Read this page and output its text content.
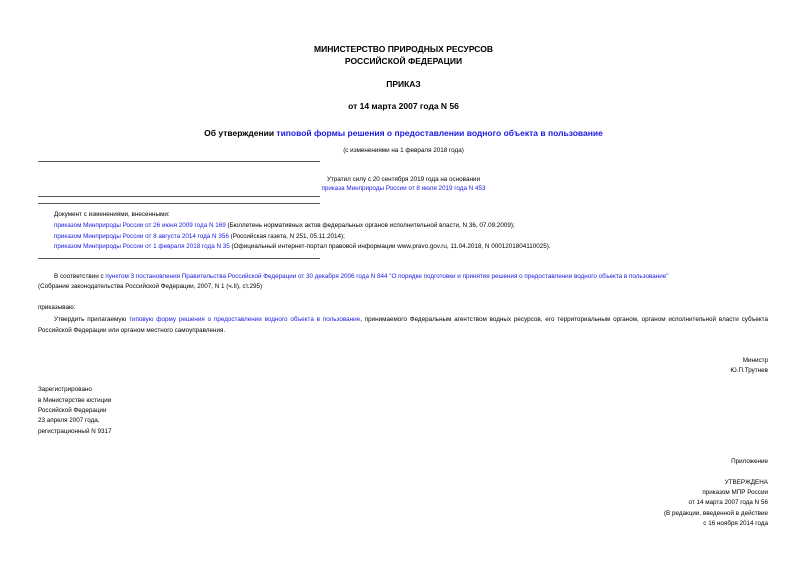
МИНИСТЕРСТВО ПРИРОДНЫХ РЕСУРСОВ
РОССИЙСКОЙ ФЕДЕРАЦИИ
ПРИКАЗ
от 14 марта 2007 года N 56
Об утверждении типовой формы решения о предоставлении водного объекта в пользование
(с изменениями на 1 февраля 2018 года)
Утратил силу с 20 сентября 2019 года на основании
приказа Минприроды России от 8 июля 2019 года N 453
Документ с изменениями, внесенными:
приказом Минприроды России от 26 июня 2009 года N 169 (Бюллетень нормативных актов федеральных органов исполнительной власти, N 36, 07.09.2009);
приказом Минприроды России от 8 августа 2014 года N 356 (Российская газета, N 251, 05.11.2014);
приказом Минприроды России от 1 февраля 2018 года N 35 (Официальный интернет-портал правовой информации www.pravo.gov.ru, 11.04.2018, N 0001201804110025).
В соответствии с пунктом 3 постановления Правительства Российской Федерации от 30 декабря 2006 года N 844 "О порядке подготовки и принятия решения о предоставлении водного объекта в пользование"
(Собрание законодательства Российской Федерации, 2007, N 1 (ч.II), ст.295)
приказываю:
Утвердить прилагаемую типовую форму решения о предоставлении водного объекта в пользование, принимаемого Федеральным агентством водных ресурсов, его территориальным органом, органом исполнительной власти субъекта Российской Федерации или органом местного самоуправления.
Министр
Ю.П.Трутнев
Зарегистрировано
в Министерстве юстиции
Российской Федерации
23 апреля 2007 года,
регистрационный N 9317
Приложение
УТВЕРЖДЕНА
приказом МПР России
от 14 марта 2007 года N 56
(В редакции, введенной в действие
с 16 ноября 2014 года
